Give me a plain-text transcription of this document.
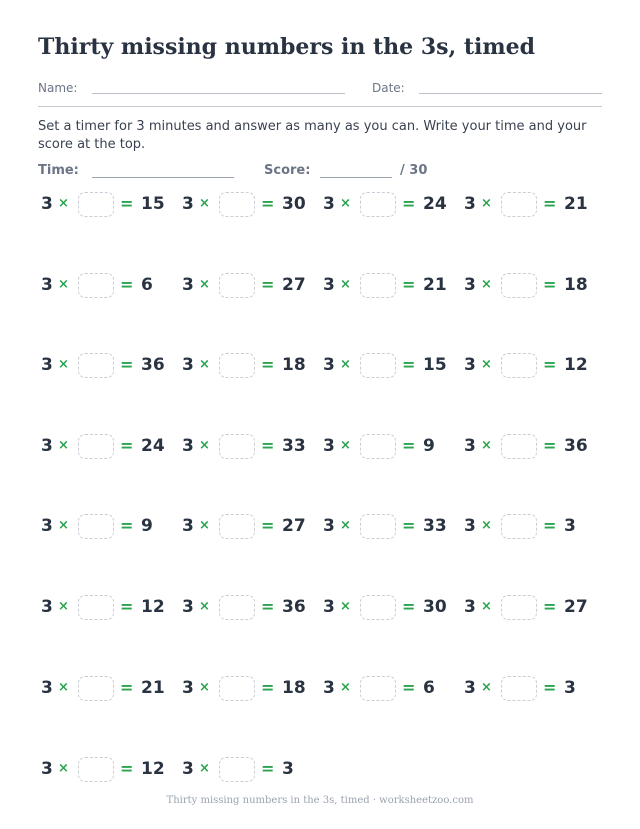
Thirty missing numbers in the 3s, timed
Name:	Date:
Set a timer for 3 minutes and answer as many as you can. Write your time and your score at the top.
Time:	Score:	/ 30
3 ×	= 15 3 ×	= 30 3 ×	= 24 3 ×	= 21
3 ×	= 6 3 ×	= 27 3 ×	= 21 3 ×	= 18
3 ×	= 36 3 ×	= 18 3 ×	= 15 3 ×	= 12
3 ×	= 24 3 ×	= 33 3 ×	= 9 3 ×	= 36
3 ×	= 9 3 ×	= 27 3 ×	= 33 3 ×	= 3
3 ×	= 12 3 ×	= 36 3 ×	= 30 3 ×	= 27
3 ×	= 21 3 ×	= 18 3 ×	= 6 3 ×	= 3
3 ×	= 12 3 ×	= 3
Thirty missing numbers in the 3s, timed · worksheetzoo.com
